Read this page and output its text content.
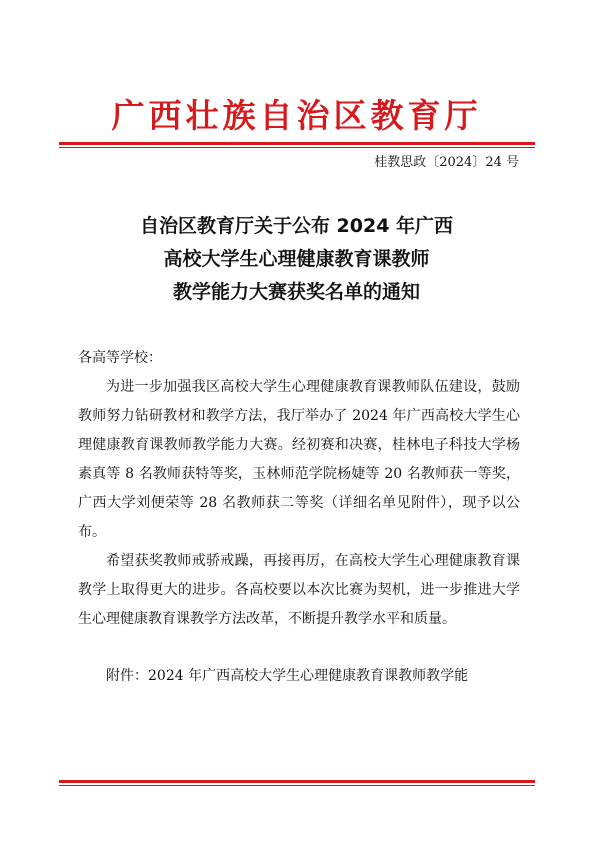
广西壮族自治区教育厅
桂教思政〔2024〕24 号
自治区教育厅关于公布 2024 年广西
高校大学生心理健康教育课教师
教学能力大赛获奖名单的通知

各高等学校：

为进一步加强我区高校大学生心理健康教育课教师队伍建设，鼓励教师努力钻研教材和教学方法，我厅举办了 2024 年广西高校大学生心理健康教育课教师教学能力大赛。经初赛和决赛，桂林电子科技大学杨素真等 8 名教师获特等奖，玉林师范学院杨婕等 20 名教师获一等奖，广西大学刘便荣等 28 名教师获二等奖（详细名单见附件），现予以公布。

希望获奖教师戒骄戒躁，再接再厉，在高校大学生心理健康教育课教学上取得更大的进步。各高校要以本次比赛为契机，进一步推进大学生心理健康教育课教学方法改革，不断提升教学水平和质量。

附件：2024 年广西高校大学生心理健康教育课教师教学能
